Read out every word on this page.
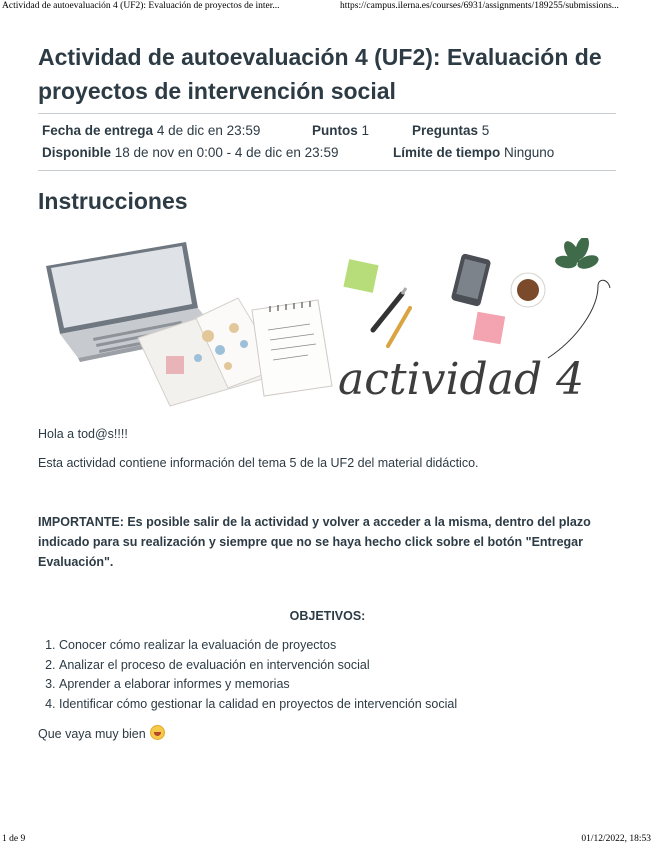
Actividad de autoevaluación 4 (UF2): Evaluación de proyectos de inter...	https://campus.ilerna.es/courses/6931/assignments/189255/submissions...
Actividad de autoevaluación 4 (UF2): Evaluación de proyectos de intervención social
Fecha de entrega 4 de dic en 23:59	Puntos 1	Preguntas 5
Disponible 18 de nov en 0:00 - 4 de dic en 23:59	Límite de tiempo Ninguno
Instrucciones
actividad 4

Hola a tod@s!!!!

Esta actividad contiene información del tema 5 de la UF2 del material didáctico.

IMPORTANTE: Es posible salir de la actividad y volver a acceder a la misma, dentro del plazo indicado para su realización y siempre que no se haya hecho click sobre el botón "Entregar Evaluación".

OBJETIVOS:

1. Conocer cómo realizar la evaluación de proyectos
2. Analizar el proceso de evaluación en intervención social
3. Aprender a elaborar informes y memorias
4. Identificar cómo gestionar la calidad en proyectos de intervención social

Que vaya muy bien

1 de 9	01/12/2022, 18:53
